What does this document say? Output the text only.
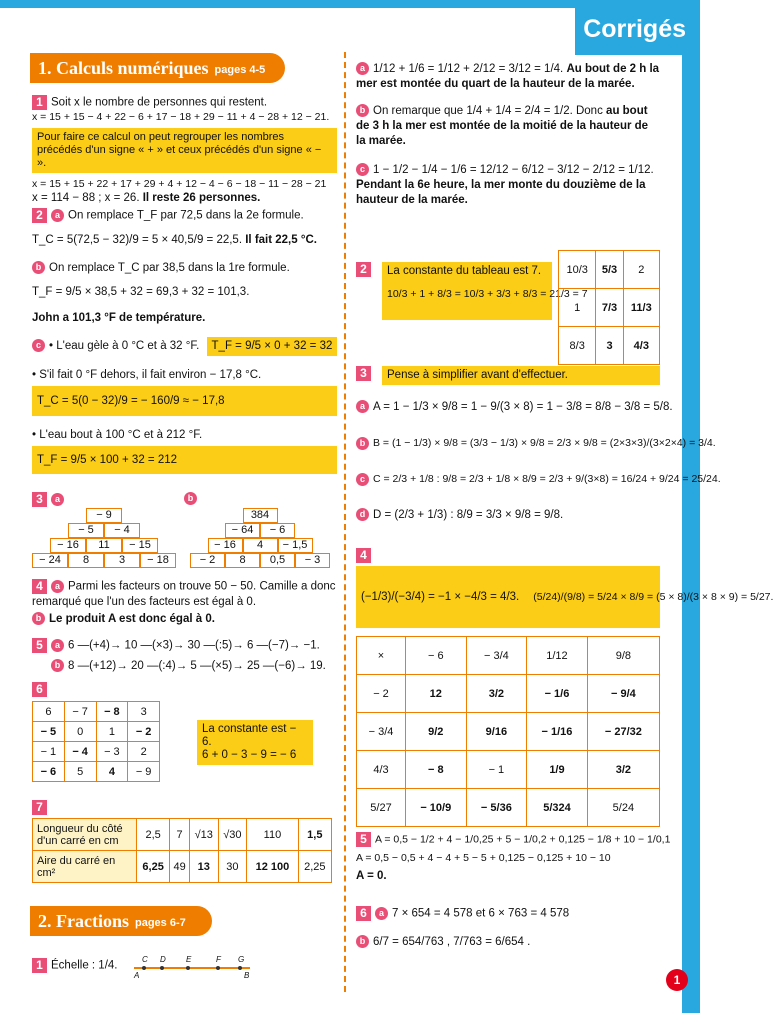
Corrigés
1
1. Calculs numériques pages 4-5
1 Soit x le nombre de personnes qui restent.
x = 15 + 15 − 4 + 22 − 6 + 17 − 18 + 29 − 11 + 4 − 28 + 12 − 21.
Pour faire ce calcul on peut regrouper les nombres précédés d'un signe « + » et ceux précédés d'un signe « − ».
x = 15 + 15 + 22 + 17 + 29 + 4 + 12 − 4 − 6 − 18 − 11 − 28 − 21
x = 114 − 88 ; x = 26. Il reste 26 personnes.
2 a On remplace T_F par 72,5 dans la 2e formule.
T_C = 5(72,5 − 32)/9 = 5 × 40,5/9 = 22,5. Il fait 22,5 °C.
b On remplace T_C par 38,5 dans la 1re formule.
T_F = 9/5 × 38,5 + 32 = 69,3 + 32 = 101,3.
John a 101,3 °F de température.
c • L'eau gèle à 0 °C et à 32 °F. T_F = 9/5 × 0 + 32 = 32
• S'il fait 0 °F dehors, il fait environ − 17,8 °C.
T_C = 5(0 − 32)/9 = − 160/9 ≈ − 17,8
• L'eau bout à 100 °C et à 212 °F.
T_F = 9/5 × 100 + 32 = 212
3 a	b
− 9
− 5	− 4
− 16	11	− 15
− 24	8	3	− 18
384
− 64	− 6
− 16	4	− 1,5
− 2	8	0,5	− 3
4 a Parmi les facteurs on trouve 50 − 50. Camille a donc remarqué que l'un des facteurs est égal à 0.
b Le produit A est donc égal à 0.
5 a 6 —(+4)→ 10 —(×3)→ 30 —(:5)→ 6 —(−7)→ −1.
b 8 —(+12)→ 20 —(:4)→ 5 —(×5)→ 25 —(−6)→ 19.
6
6	− 7	− 8	3
− 5	0	1	− 2
− 1	− 4	− 3	2
− 6	5	4	− 9
La constante est − 6.
6 + 0 − 3 − 9 = − 6
7
Longueur du côté d'un carré en cm	2,5	7	√13	√30	110	1,5
Aire du carré en cm²	6,25	49	13	30	12 100	2,25
2. Fractions pages 6-7
1 Échelle : 1/4.
C D	E	F G
A	B
a 1/12 + 1/6 = 1/12 + 2/12 = 3/12 = 1/4. Au bout de 2 h la mer est montée du quart de la hauteur de la marée.
b On remarque que 1/4 + 1/4 = 2/4 = 1/2. Donc au bout de 3 h la mer est montée de la moitié de la hauteur de la marée.
c 1 − 1/2 − 1/4 − 1/6 = 12/12 − 6/12 − 3/12 − 2/12 = 1/12. Pendant la 6e heure, la mer monte du douzième de la hauteur de la marée.
2	La constante du tableau est 7.
10/3 + 1 + 8/3 = 10/3 + 3/3 + 8/3 = 21/3 = 7
10/3	5/3	2
1	7/3	11/3
8/3	3	4/3
3	Pense à simplifier avant d'effectuer.
a A = 1 − 1/3 × 9/8 = 1 − 9/(3 × 8) = 1 − 3/8 = 8/8 − 3/8 = 5/8.
b B = (1 − 1/3) × 9/8 = (3/3 − 1/3) × 9/8 = 2/3 × 9/8 = (2×3×3)/(3×2×4) = 3/4.
c C = 2/3 + 1/8 : 9/8 = 2/3 + 1/8 × 8/9 = 2/3 + 9/(3×8) = 16/24 + 9/24 = 25/24.
d D = (2/3 + 1/3) : 8/9 = 3/3 × 9/8 = 9/8.
4
(−1/3)/(−3/4) = −1 × −4/3 = 4/3. (5/24)/(9/8) = 5/24 × 8/9 = (5 × 8)/(3 × 8 × 9) = 5/27.
×	− 6	− 3/4	1/12	9/8
− 2	12	3/2	− 1/6	− 9/4
− 3/4	9/2	9/16	− 1/16	− 27/32
4/3	− 8	− 1	1/9	3/2
5/27	− 10/9	− 5/36	5/324	5/24
5 A = 0,5 − 1/2 + 4 − 1/0,25 + 5 − 1/0,2 + 0,125 − 1/8 + 10 − 1/0,1
A = 0,5 − 0,5 + 4 − 4 + 5 − 5 + 0,125 − 0,125 + 10 − 10
A = 0.
6 a 7 × 654 = 4 578 et 6 × 763 = 4 578
b 6/7 = 654/763 , 7/763 = 6/654 .
